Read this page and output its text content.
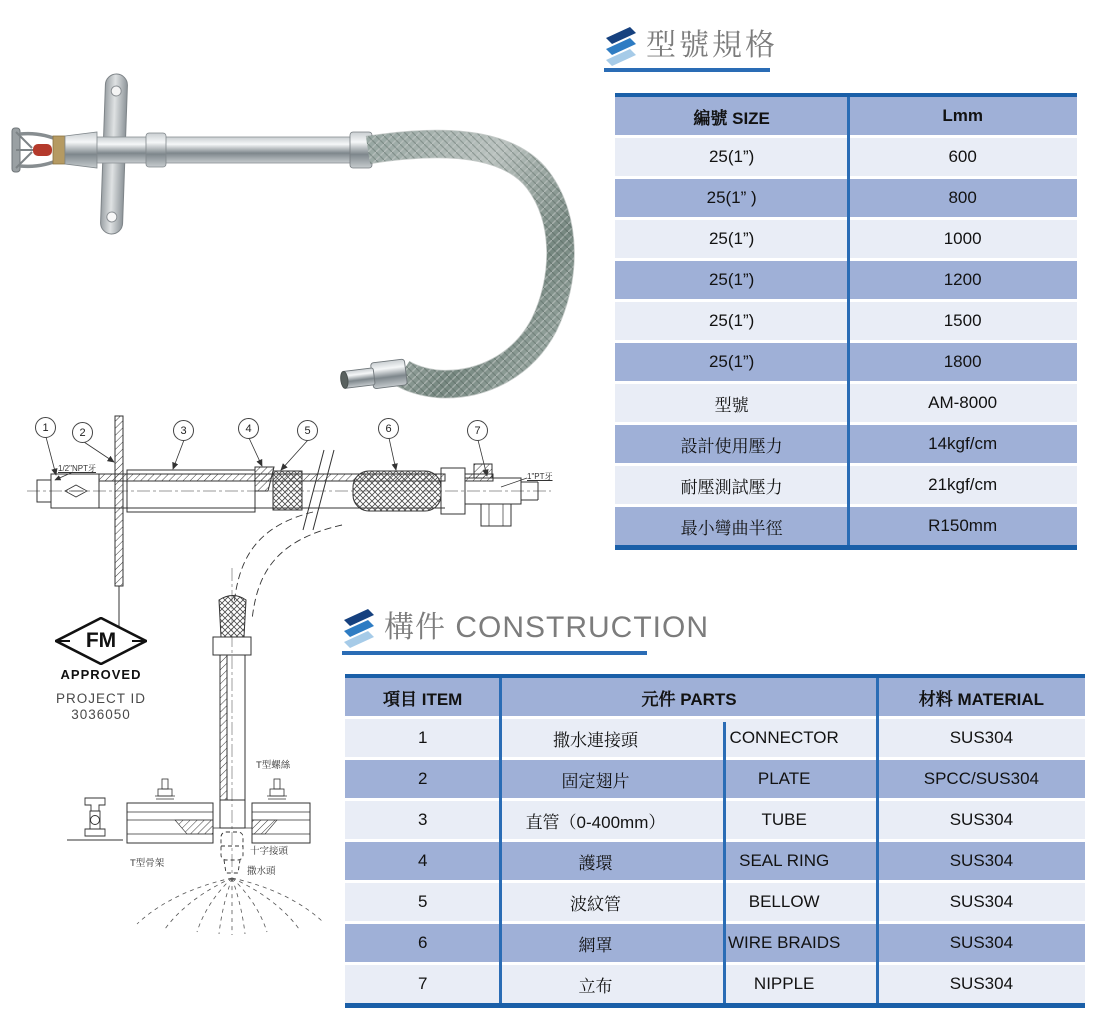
1	2	3	4	5	6	7
1/2"NPT牙
1"PT牙
T型螺絲
T型骨架
十字接頭
撒水頭
FM
APPROVED
PROJECT ID
3036050
型號規格
編號 SIZE	Lmm
25(1”)	600
25(1” )	800
25(1”)	1000
25(1”)	1200
25(1”)	1500
25(1”)	1800
型號	AM-8000
設計使用壓力	14kgf/cm
耐壓測試壓力	21kgf/cm
最小彎曲半徑	R150mm
構件 CONSTRUCTION
項目 ITEM	元件 PARTS	材料 MATERIAL
1	撒水連接頭	CONNECTOR	SUS304
2	固定翅片	PLATE	SPCC/SUS304
3	直管（0-400mm）	TUBE	SUS304
4	護環	SEAL RING	SUS304
5	波紋管	BELLOW	SUS304
6	網罩	WIRE BRAIDS	SUS304
7	立布	NIPPLE	SUS304
